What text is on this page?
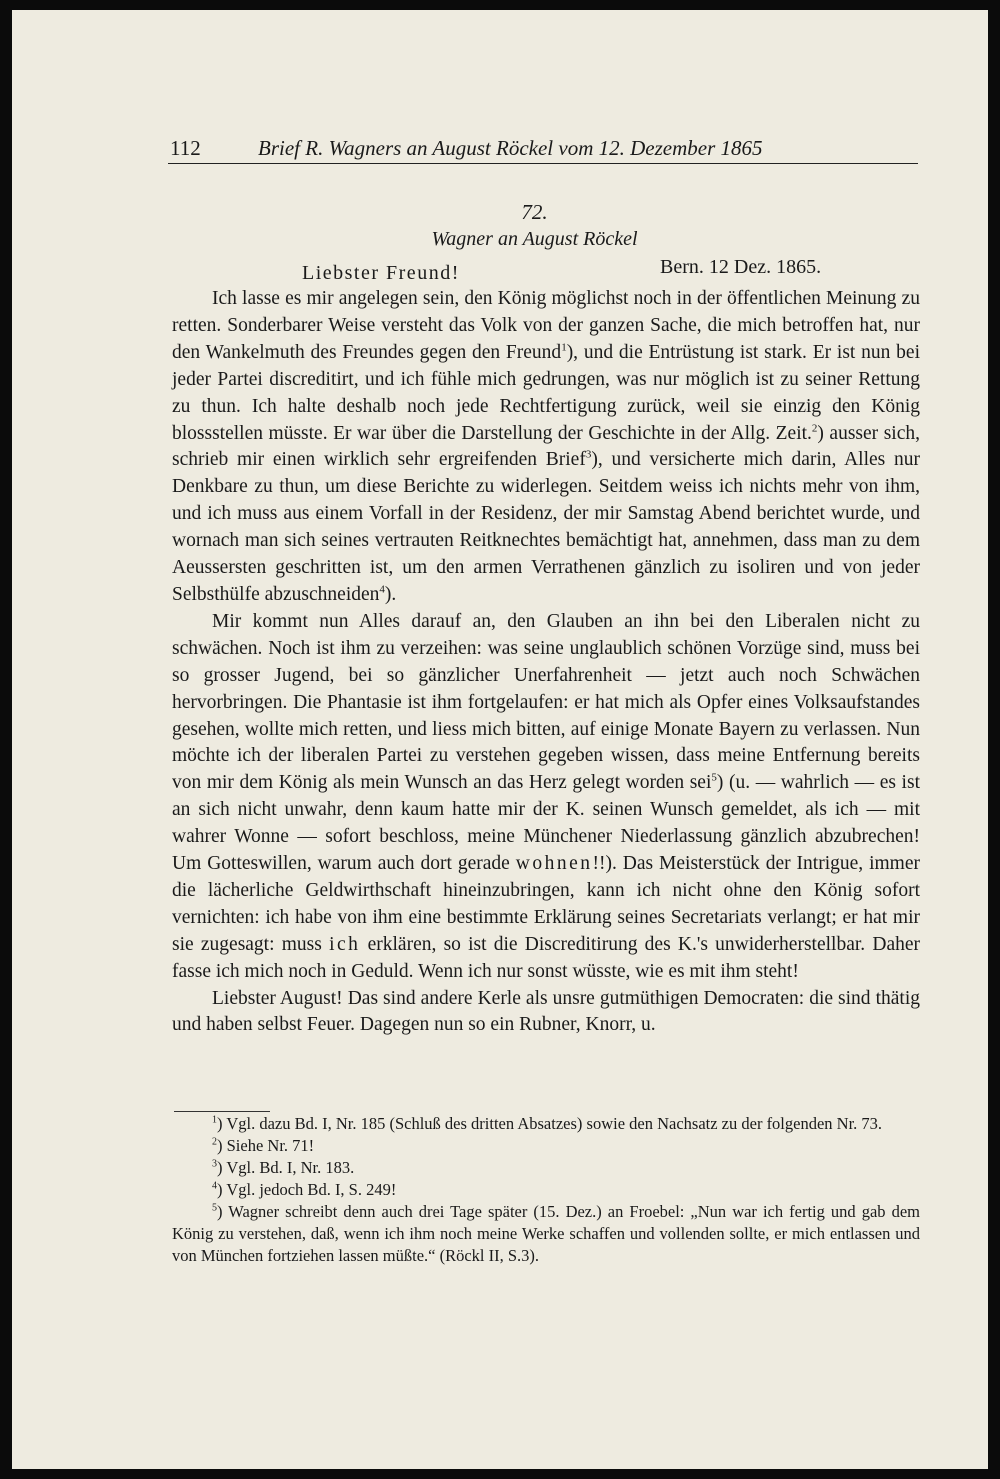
112	Brief R. Wagners an August Röckel vom 12. Dezember 1865
72.
Wagner an August Röckel
Liebster Freund!	Bern. 12 Dez. 1865.

Ich lasse es mir angelegen sein, den König möglichst noch in der öffentlichen Meinung zu retten. Sonderbarer Weise versteht das Volk von der ganzen Sache, die mich betroffen hat, nur den Wankelmuth des Freundes gegen den Freund$^1$), und die Entrüstung ist stark. Er ist nun bei jeder Partei discreditirt, und ich fühle mich gedrungen, was nur möglich ist zu seiner Rettung zu thun. Ich halte deshalb noch jede Rechtfertigung zurück, weil sie einzig den König blossstellen müsste. Er war über die Darstellung der Geschichte in der Allg. Zeit.$^2$) ausser sich, schrieb mir einen wirklich sehr ergreifenden Brief$^3$), und versicherte mich darin, Alles nur Denkbare zu thun, um diese Berichte zu widerlegen. Seitdem weiss ich nichts mehr von ihm, und ich muss aus einem Vorfall in der Residenz, der mir Samstag Abend berichtet wurde, und wornach man sich seines vertrauten Reitknechtes bemächtigt hat, annehmen, dass man zu dem Aeussersten geschritten ist, um den armen Verrathenen gänzlich zu isoliren und von jeder Selbsthülfe abzuschneiden$^4$).

Mir kommt nun Alles darauf an, den Glauben an ihn bei den Liberalen nicht zu schwächen. Noch ist ihm zu verzeihen: was seine unglaublich schönen Vorzüge sind, muss bei so grosser Jugend, bei so gänzlicher Unerfahrenheit — jetzt auch noch Schwächen hervorbringen. Die Phantasie ist ihm fortgelaufen: er hat mich als Opfer eines Volksaufstandes gesehen, wollte mich retten, und liess mich bitten, auf einige Monate Bayern zu verlassen. Nun möchte ich der liberalen Partei zu verstehen gegeben wissen, dass meine Entfernung bereits von mir dem König als mein Wunsch an das Herz gelegt worden sei$^5$) (u. — wahrlich — es ist an sich nicht unwahr, denn kaum hatte mir der K. seinen Wunsch gemeldet, als ich — mit wahrer Wonne — sofort beschloss, meine Münchener Niederlassung gänzlich abzubrechen! Um Gotteswillen, warum auch dort gerade wohnen!!). Das Meisterstück der Intrigue, immer die lächerliche Geldwirthschaft hineinzubringen, kann ich nicht ohne den König sofort vernichten: ich habe von ihm eine bestimmte Erklärung seines Secretariats verlangt; er hat mir sie zugesagt: muss ich erklären, so ist die Discreditirung des K.'s unwiderherstellbar. Daher fasse ich mich noch in Geduld. Wenn ich nur sonst wüsste, wie es mit ihm steht!

Liebster August! Das sind andere Kerle als unsre gutmüthigen Democraten: die sind thätig und haben selbst Feuer. Dagegen nun so ein Rubner, Knorr, u.

$^1$) Vgl. dazu Bd. I, Nr. 185 (Schluß des dritten Absatzes) sowie den Nachsatz zu der folgenden Nr. 73.

$^2$) Siehe Nr. 71!

$^3$) Vgl. Bd. I, Nr. 183.

$^4$) Vgl. jedoch Bd. I, S. 249!

$^5$) Wagner schreibt denn auch drei Tage später (15. Dez.) an Froebel: „Nun war ich fertig und gab dem König zu verstehen, daß, wenn ich ihm noch meine Werke schaffen und vollenden sollte, er mich entlassen und von München fortziehen lassen müßte.“ (Röckl II, S.3).
